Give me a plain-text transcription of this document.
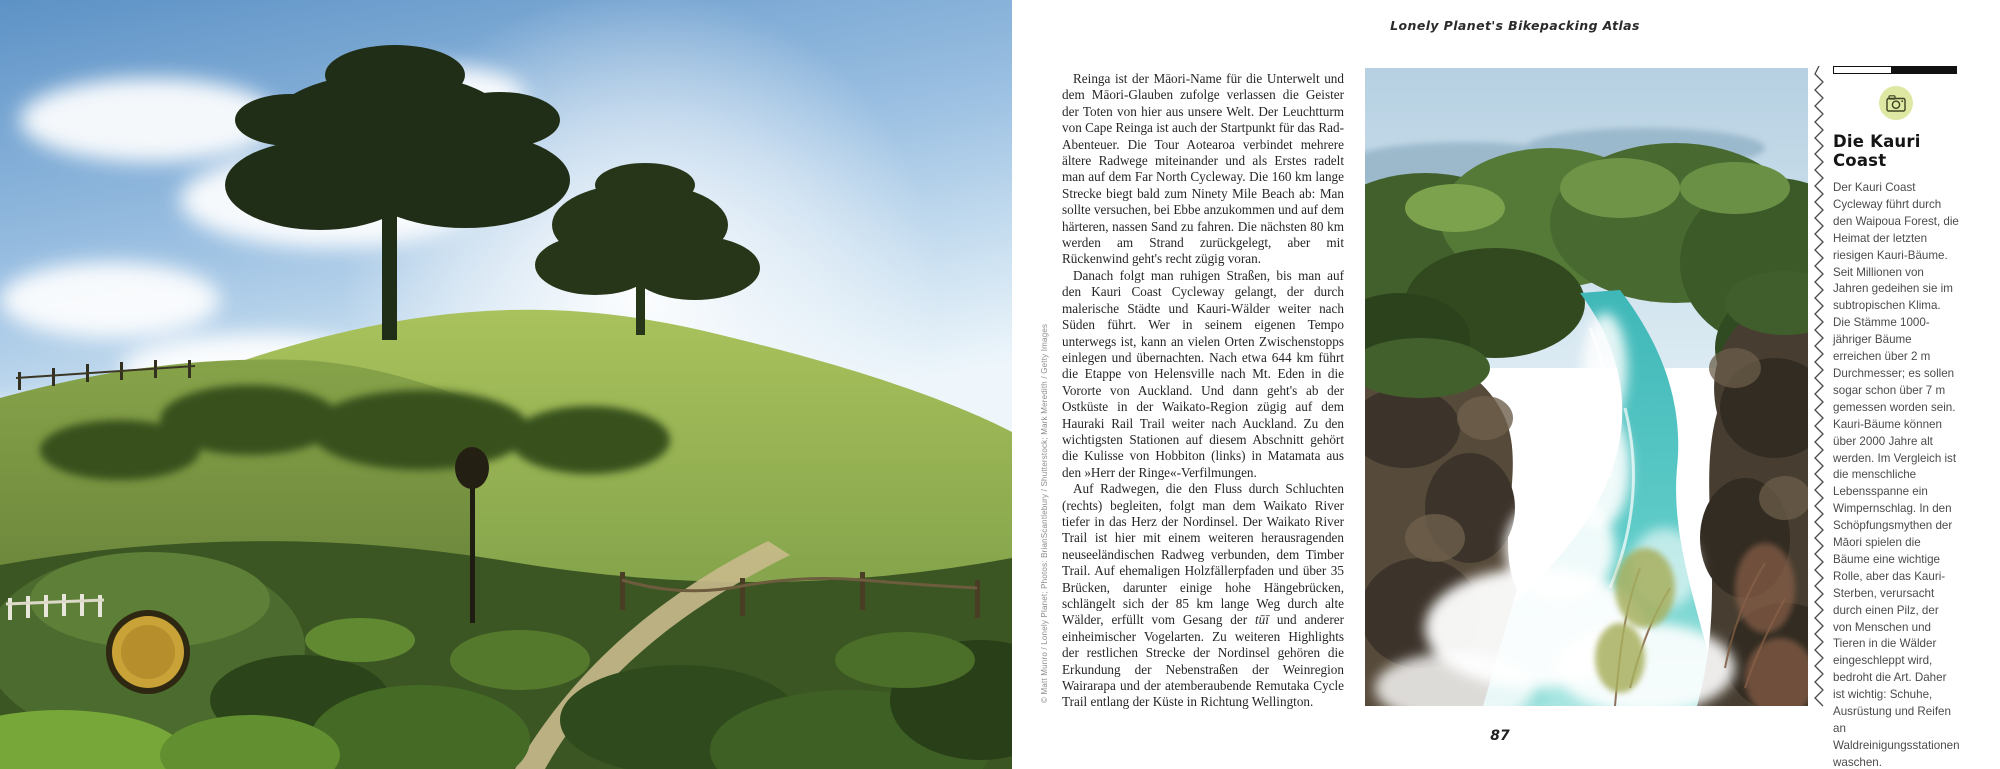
© Matt Munro / Lonely Planet; Photos: BrianScantlebury / Shutterstock; Mark Meredith / Getty Images
Lonely Planet's Bikepacking Atlas

Reinga ist der Māori-Name für die Unterwelt und dem Māori-Glauben zufolge verlassen die Geister der Toten von hier aus unsere Welt. Der Leuchtturm von Cape Reinga ist auch der Startpunkt für das Rad-Abenteuer. Die Tour Aotearoa verbindet mehrere ältere Radwege miteinander und als Erstes radelt man auf dem Far North Cycleway. Die 160 km lange Strecke biegt bald zum Ninety Mile Beach ab: Man sollte versuchen, bei Ebbe anzukommen und auf dem härteren, nassen Sand zu fahren. Die nächsten 80 km werden am Strand zurückgelegt, aber mit Rückenwind geht's recht zügig voran.

Danach folgt man ruhigen Straßen, bis man auf den Kauri Coast Cycleway gelangt, der durch malerische Städte und Kauri-Wälder weiter nach Süden führt. Wer in seinem eigenen Tempo unterwegs ist, kann an vielen Orten Zwischenstopps einlegen und übernachten. Nach etwa 644 km führt die Etappe von Helensville nach Mt. Eden in die Vororte von Auckland. Und dann geht's ab der Ostküste in der Waikato-Region zügig auf dem Hauraki Rail Trail weiter nach Auckland. Zu den wichtigsten Stationen auf diesem Abschnitt gehört die Kulisse von Hobbiton (links) in Matamata aus den »Herr der Ringe«-Verfilmungen.

Auf Radwegen, die den Fluss durch Schluchten (rechts) begleiten, folgt man dem Waikato River tiefer in das Herz der Nordinsel. Der Waikato River Trail ist hier mit einem weiteren herausragenden neuseeländischen Radweg verbunden, dem Timber Trail. Auf ehemaligen Holzfällerpfaden und über 35 Brücken, darunter einige hohe Hängebrücken, schlängelt sich der 85 km lange Weg durch alte Wälder, erfüllt vom Gesang der tūī und anderer einheimischer Vogelarten. Zu weiteren Highlights der restlichen Strecke der Nordinsel gehören die Erkundung der Nebenstraßen der Weinregion Wairarapa und der atemberaubende Remutaka Cycle Trail entlang der Küste in Richtung Wellington.

Die Kauri Coast
Der Kauri Coast Cycleway führt durch den Waipoua Forest, die Heimat der letzten riesigen Kauri-Bäume. Seit Millionen von Jahren gedeihen sie im subtropischen Klima. Die Stämme 1000-jähriger Bäume erreichen über 2 m Durchmesser; es sollen sogar schon über 7 m gemessen worden sein. Kauri-Bäume können über 2000 Jahre alt werden. Im Vergleich ist die menschliche Lebensspanne ein Wimpernschlag. In den Schöpfungsmythen der Māori spielen die Bäume eine wichtige Rolle, aber das Kauri-Sterben, verursacht durch einen Pilz, der von Menschen und Tieren in die Wälder eingeschleppt wird, bedroht die Art. Daher ist wichtig: Schuhe, Ausrüstung und Reifen an Waldreinigungsstationen waschen.
87
